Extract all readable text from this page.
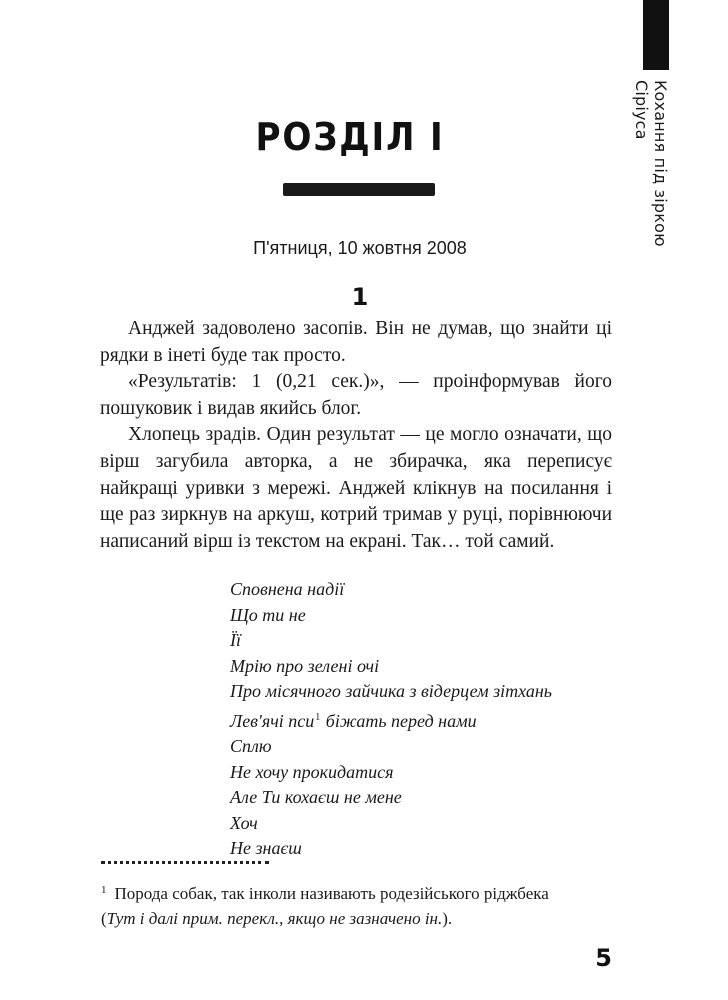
Кохання під зіркою Сіріуса
РОЗДІЛ І
П'ятниця, 10 жовтня 2008
1

Анджей задоволено засопів. Він не думав, що знайти ці рядки в інеті буде так просто.

«Результатів: 1 (0,21 сек.)», — проінформував його пошуковик і видав якийсь блог.

Хлопець зрадів. Один результат — це могло означати, що вірш загубила авторка, а не збирачка, яка переписує найкращі уривки з мережі. Анджей клікнув на посилання і ще раз зиркнув на аркуш, котрий тримав у руці, порівнюючи написаний вірш із текстом на екрані. Так… той самий.

Сповнена надії
Що ти не
Її
Мрію про зелені очі
Про місячного зайчика з відерцем зітхань
Лев'ячі пси$^1$ біжать перед нами
Сплю
Не хочу прокидатися
Але Ти кохаєш не мене
Хоч
Не знаєш

$^1$ Порода собак, так інколи називають родезійського ріджбека

(Тут і далі прим. перекл., якщо не зазначено ін.).

5
